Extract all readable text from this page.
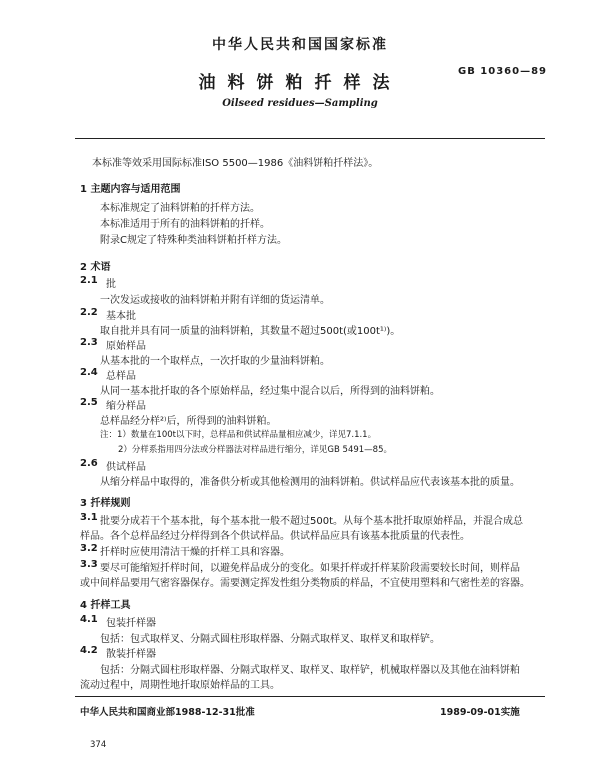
中华人民共和国国家标准
油料饼粕扦样法
GB 10360—89
Oilseed residues—Sampling
本标准等效采用国际标准ISO 5500—1986《油料饼粕扦样法》。
1 主题内容与适用范围
本标准规定了油料饼粕的扦样方法。
本标准适用于所有的油料饼粕的扦样。
附录C规定了特殊种类油料饼粕扦样方法。
2 术语
2.1 批
一次发运或接收的油料饼粕并附有详细的货运清单。
2.2 基本批
取自批并具有同一质量的油料饼粕，其数量不超过500t(或100t¹⁾)。
2.3 原始样品
从基本批的一个取样点，一次扦取的少量油料饼粕。
2.4 总样品
从同一基本批扦取的各个原始样品，经过集中混合以后，所得到的油料饼粕。
2.5 缩分样品
总样品经分样²⁾后，所得到的油料饼粕。
注：1）数量在100t以下时，总样品和供试样品量相应减少，详见7.1.1。
2）分样系指用四分法或分样器法对样品进行缩分，详见GB 5491—85。
2.6 供试样品
从缩分样品中取得的，准备供分析或其他检测用的油料饼粕。供试样品应代表该基本批的质量。
3 扦样规则
3.1 批要分成若干个基本批，每个基本批一般不超过500t。从每个基本批扦取原始样品，并混合成总
样品。各个总样品经过分样得到各个供试样品。供试样品应具有该基本批质量的代表性。
3.2 扦样时应使用清洁干燥的扦样工具和容器。
3.3 要尽可能缩短扦样时间，以避免样品成分的变化。如果扦样或扦样某阶段需要较长时间，则样品
或中间样品要用气密容器保存。需要测定挥发性组分类物质的样品，不宜使用塑料和气密性差的容器。
4 扦样工具
4.1 包装扦样器
包括：包式取样叉、分隔式圆柱形取样器、分隔式取样叉、取样叉和取样铲。
4.2 散装扦样器
包括：分隔式圆柱形取样器、分隔式取样叉、取样叉、取样铲，机械取样器以及其他在油料饼粕
流动过程中，周期性地扦取原始样品的工具。
中华人民共和国商业部1988-12-31批准	1989-09-01实施
374
